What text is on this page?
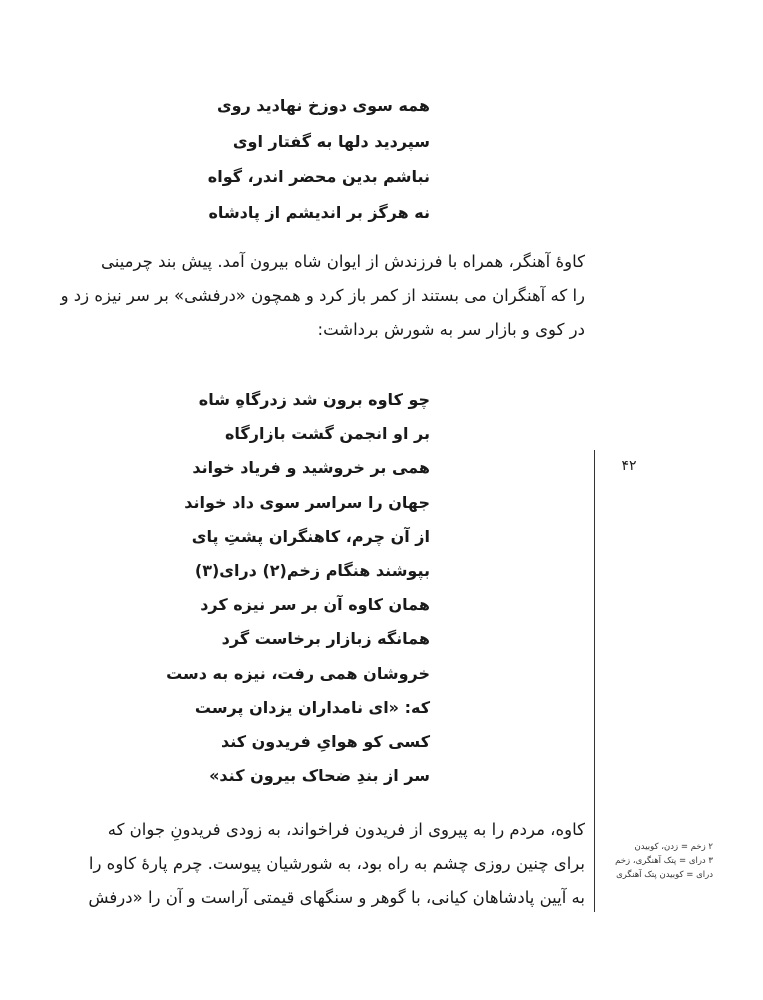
همه سوی دوزخ نهادید روی
سپردید دلها به گفتار اوی
نباشم بدین محضر اندر، گواه
نه هرگز بر اندیشم از پادشاه
کاوهٔ آهنگر، همراه با فرزندش از ایوان شاه بیرون آمد. پیش بند چرمینی
را که آهنگران می بستند از کمر باز کرد و همچون «درفشی» بر سر نیزه زد و
در کوی و بازار سر به شورش برداشت:
چو کاوه برون شد زدرگاهِ شاه
بر او انجمن گشت بازارگاه
همی بر خروشید و فریاد خواند
جهان را سراسر سوی داد خواند
از آن چرم، کاهنگران پشتِ پای
بپوشند هنگام زخم(۲) درای(۳)
همان کاوه آن بر سر نیزه کرد
همانگه زبازار برخاست گرد
خروشان همی رفت، نیزه به دست
که: «ای نامداران یزدان پرست
کسی کو هوایِ فریدون کند
سر از بندِ ضحاک بیرون کند»
کاوه، مردم را به پیروی از فریدون فراخواند، به زودی فریدونِ جوان که
برای چنین روزی چشم به راه بود، به شورشیان پیوست. چرم پارهٔ کاوه را
به آیین پادشاهان کیانی، با گوهر و سنگهای قیمتی آراست و آن را «درفش
۴۲
۲ زخم = زدن، کوبیدن
۳ درای = پتک آهنگری، زخم
درای = کوبیدن پتک آهنگری
